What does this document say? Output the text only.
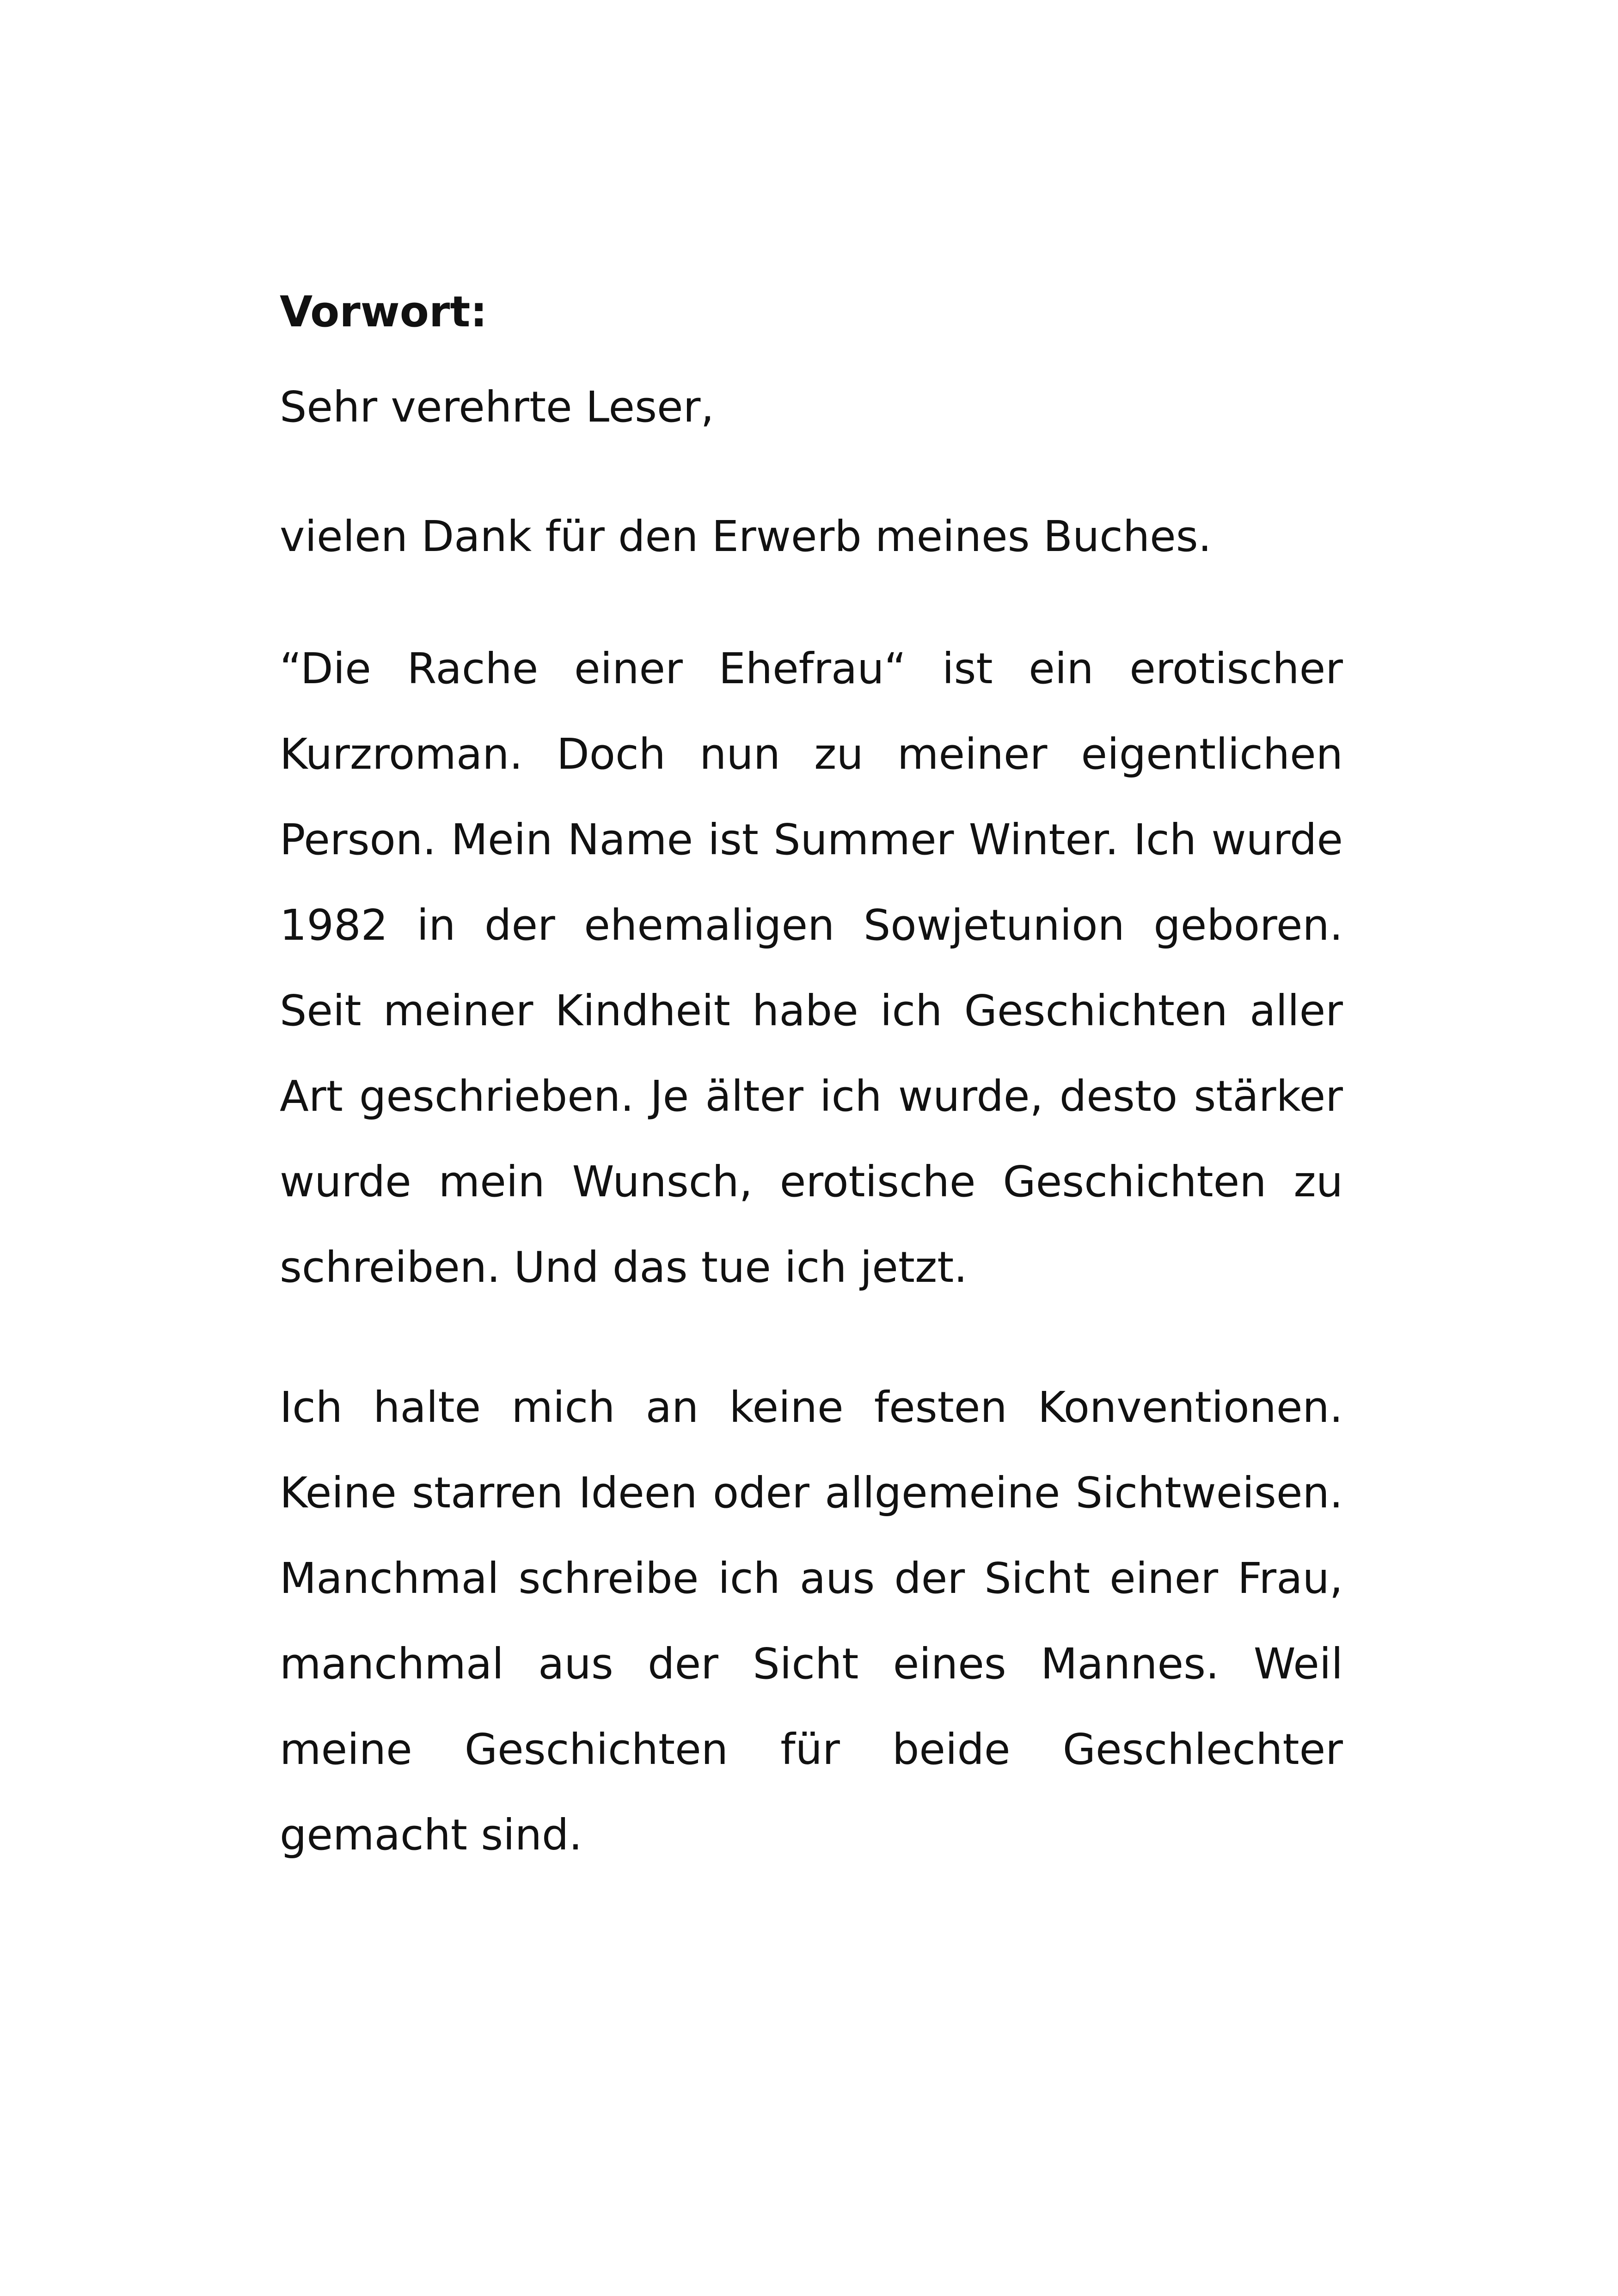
Vorwort:

Sehr verehrte Leser,

vielen Dank für den Erwerb meines Buches.

“Die Rache einer Ehefrau“ ist ein erotischer Kurzroman. Doch nun zu meiner eigentlichen Person. Mein Name ist Summer Winter. Ich wurde 1982 in der ehemaligen Sowjetunion geboren. Seit meiner Kindheit habe ich Geschichten aller Art geschrieben. Je älter ich wurde, desto stärker wurde mein Wunsch, erotische Geschichten zu schreiben. Und das tue ich jetzt.

Ich halte mich an keine festen Konventionen. Keine starren Ideen oder allgemeine Sichtweisen. Manchmal schreibe ich aus der Sicht einer Frau, manchmal aus der Sicht eines Mannes. Weil meine Geschichten für beide Geschlechter gemacht sind.
